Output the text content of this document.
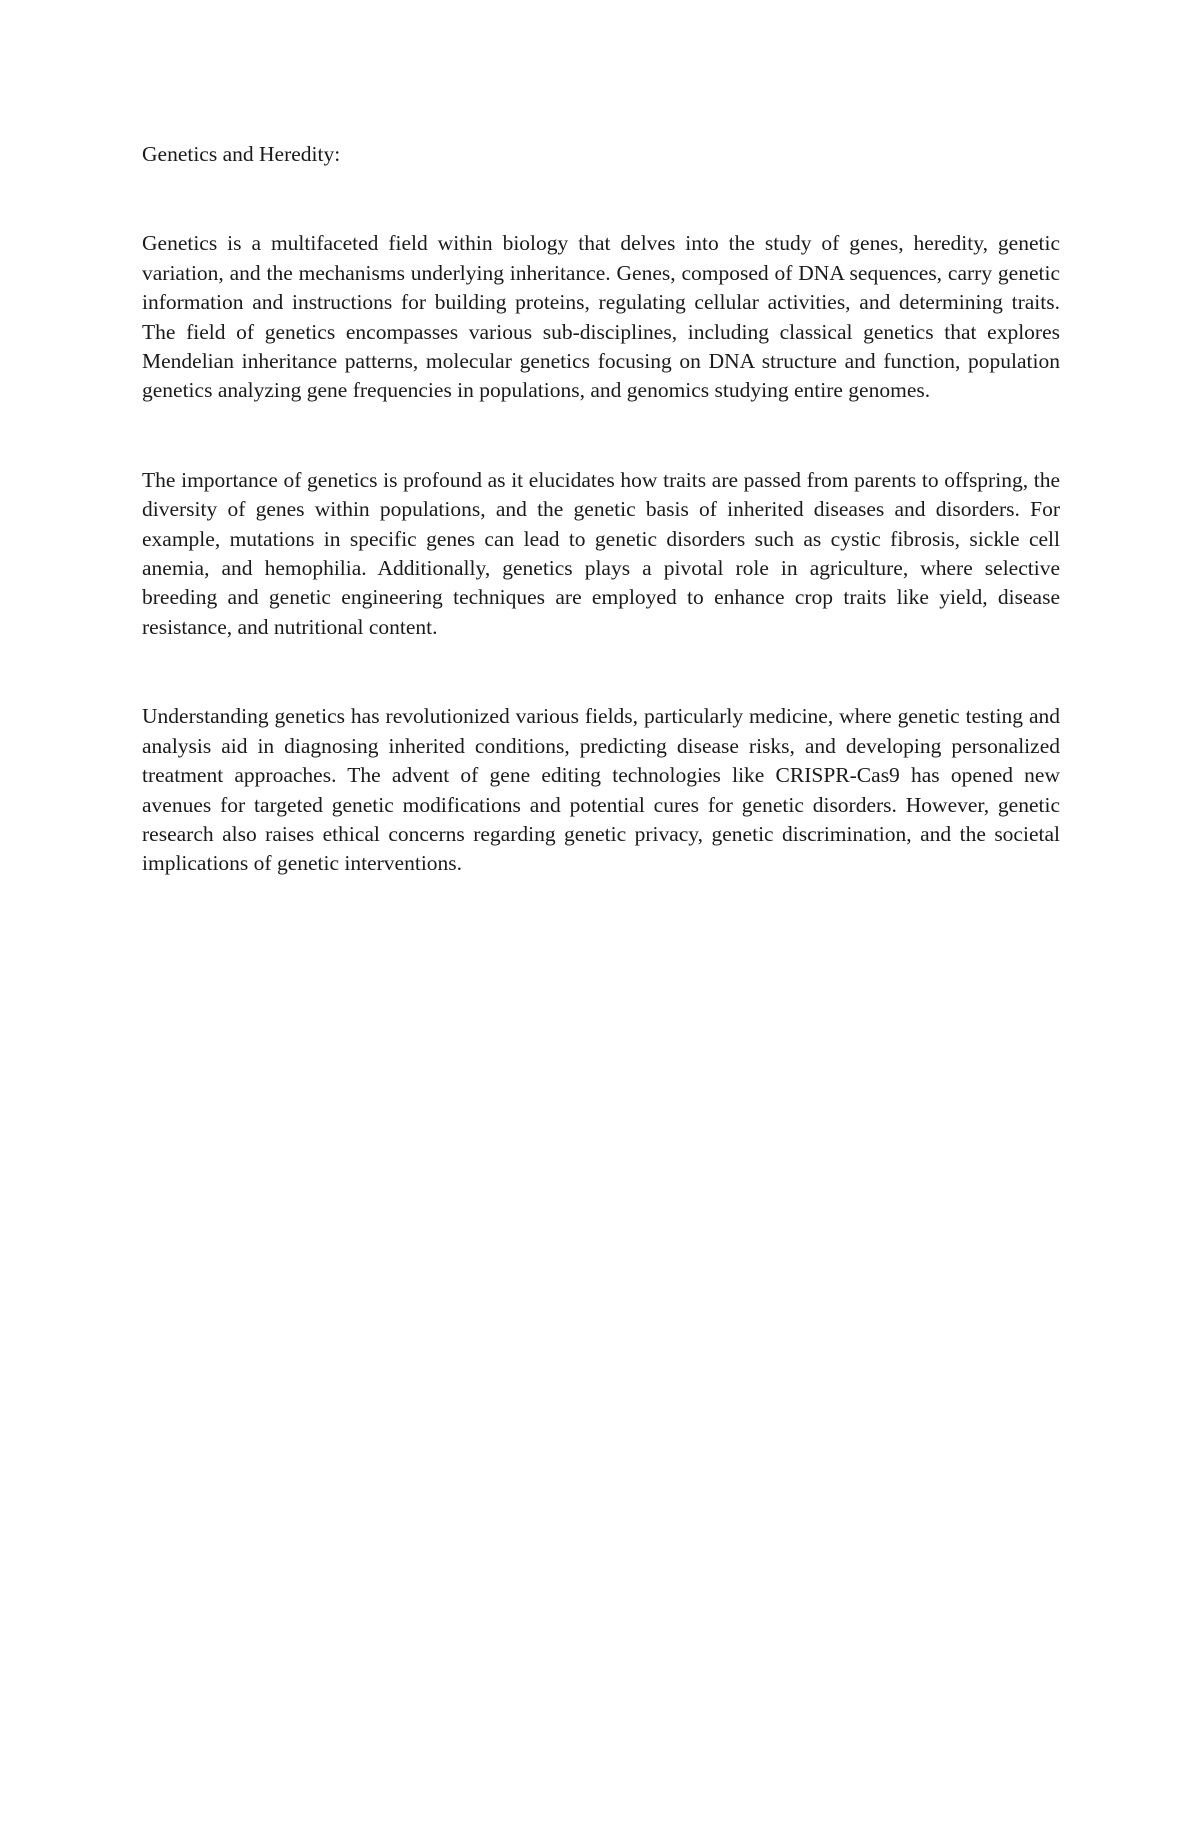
Genetics and Heredity:

Genetics is a multifaceted field within biology that delves into the study of genes, heredity, genetic variation, and the mechanisms underlying inheritance. Genes, composed of DNA sequences, carry genetic information and instructions for building proteins, regulating cellular activities, and determining traits. The field of genetics encompasses various sub-disciplines, including classical genetics that explores Mendelian inheritance patterns, molecular genetics focusing on DNA structure and function, population genetics analyzing gene frequencies in populations, and genomics studying entire genomes.

The importance of genetics is profound as it elucidates how traits are passed from parents to offspring, the diversity of genes within populations, and the genetic basis of inherited diseases and disorders. For example, mutations in specific genes can lead to genetic disorders such as cystic fibrosis, sickle cell anemia, and hemophilia. Additionally, genetics plays a pivotal role in agriculture, where selective breeding and genetic engineering techniques are employed to enhance crop traits like yield, disease resistance, and nutritional content.

Understanding genetics has revolutionized various fields, particularly medicine, where genetic testing and analysis aid in diagnosing inherited conditions, predicting disease risks, and developing personalized treatment approaches. The advent of gene editing technologies like CRISPR-Cas9 has opened new avenues for targeted genetic modifications and potential cures for genetic disorders. However, genetic research also raises ethical concerns regarding genetic privacy, genetic discrimination, and the societal implications of genetic interventions.
